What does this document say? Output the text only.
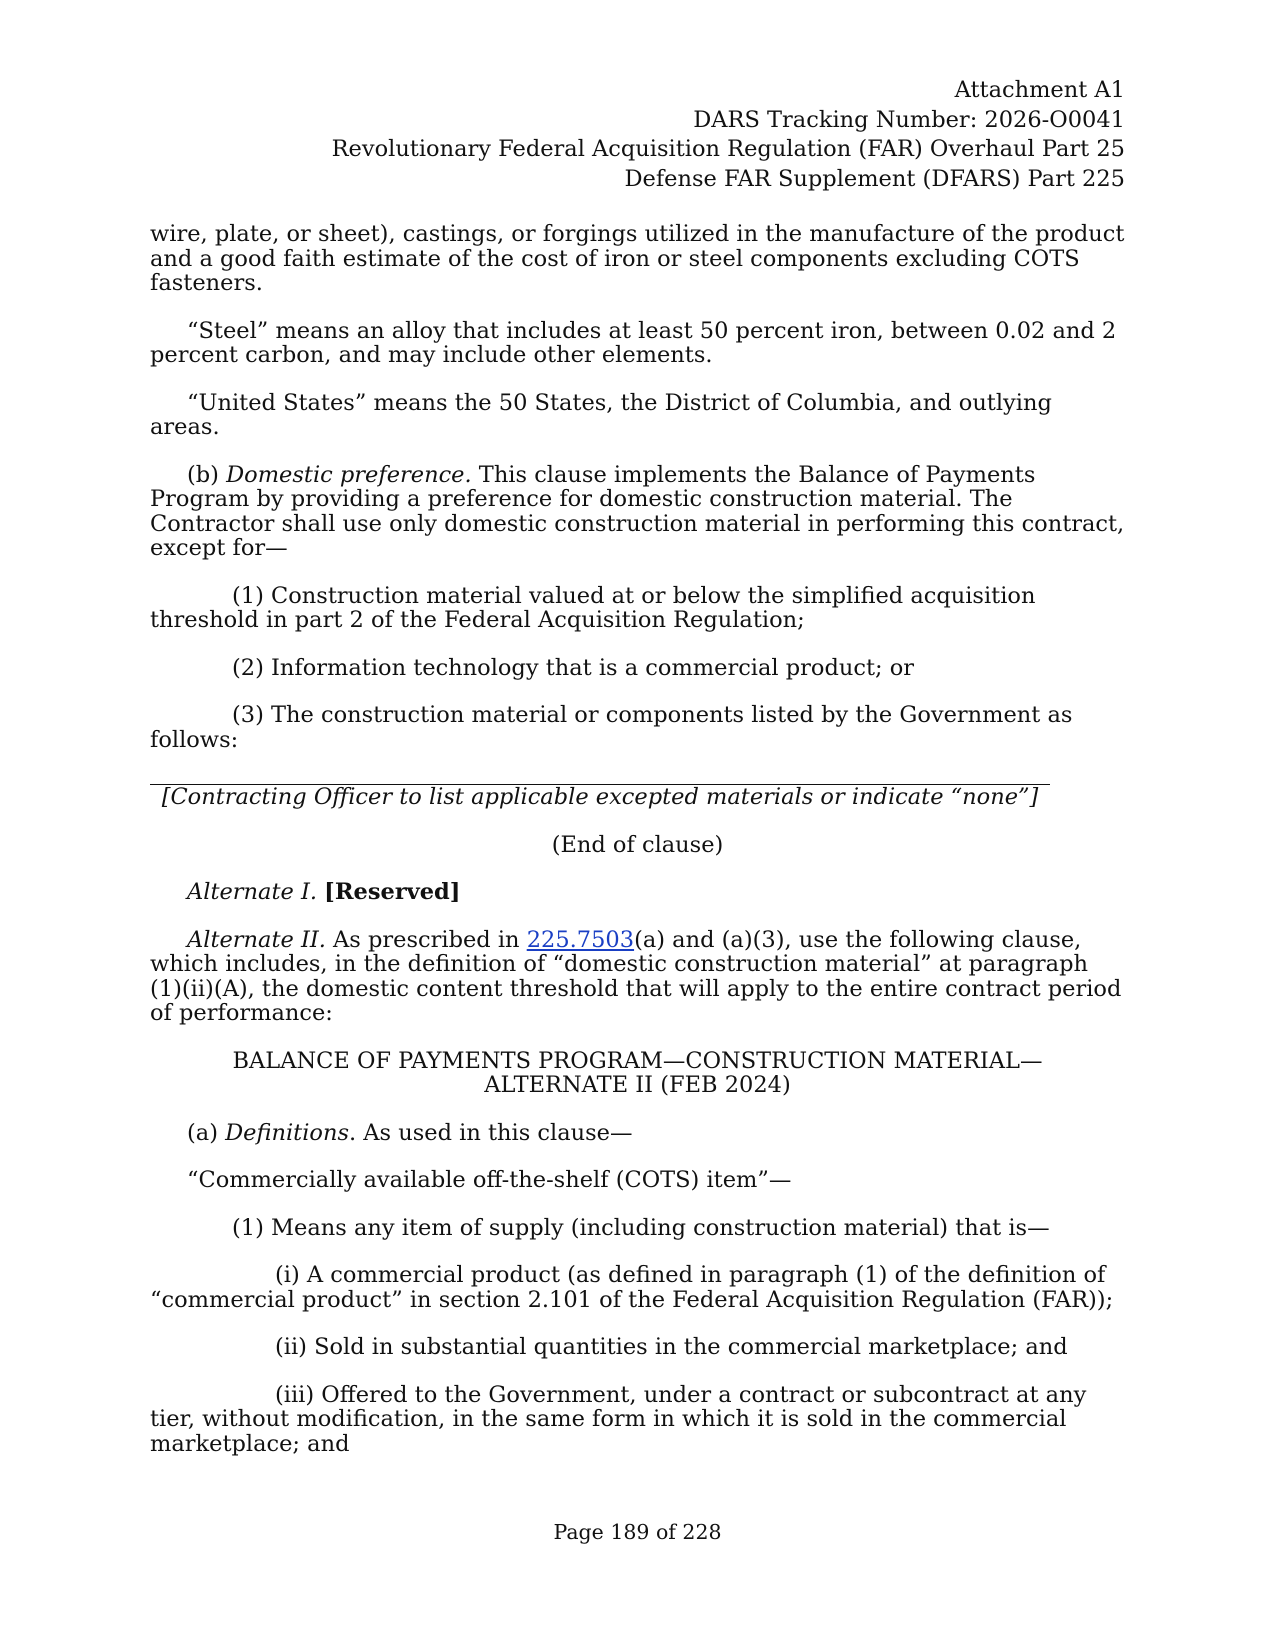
Attachment A1
DARS Tracking Number: 2026-O0041
Revolutionary Federal Acquisition Regulation (FAR) Overhaul Part 25
Defense FAR Supplement (DFARS) Part 225

wire, plate, or sheet), castings, or forgings utilized in the manufacture of the product and a good faith estimate of the cost of iron or steel components excluding COTS fasteners.

“Steel” means an alloy that includes at least 50 percent iron, between 0.02 and 2 percent carbon, and may include other elements.

“United States” means the 50 States, the District of Columbia, and outlying areas.

(b) Domestic preference. This clause implements the Balance of Payments Program by providing a preference for domestic construction material. The Contractor shall use only domestic construction material in performing this contract, except for—

(1) Construction material valued at or below the simplified acquisition threshold in part 2 of the Federal Acquisition Regulation;

(2) Information technology that is a commercial product; or

(3) The construction material or components listed by the Government as follows:

[Contracting Officer to list applicable excepted materials or indicate “none”]

(End of clause)

Alternate I. [Reserved]

Alternate II. As prescribed in 225.7503(a) and (a)(3), use the following clause, which includes, in the definition of “domestic construction material” at paragraph (1)(ii)(A), the domestic content threshold that will apply to the entire contract period of performance:

BALANCE OF PAYMENTS PROGRAM—CONSTRUCTION MATERIAL—
ALTERNATE II (FEB 2024)

(a) Definitions. As used in this clause—

“Commercially available off-the-shelf (COTS) item”—

(1) Means any item of supply (including construction material) that is—

(i) A commercial product (as defined in paragraph (1) of the definition of “commercial product” in section 2.101 of the Federal Acquisition Regulation (FAR));

(ii) Sold in substantial quantities in the commercial marketplace; and

(iii) Offered to the Government, under a contract or subcontract at any tier, without modification, in the same form in which it is sold in the commercial marketplace; and

Page 189 of 228
